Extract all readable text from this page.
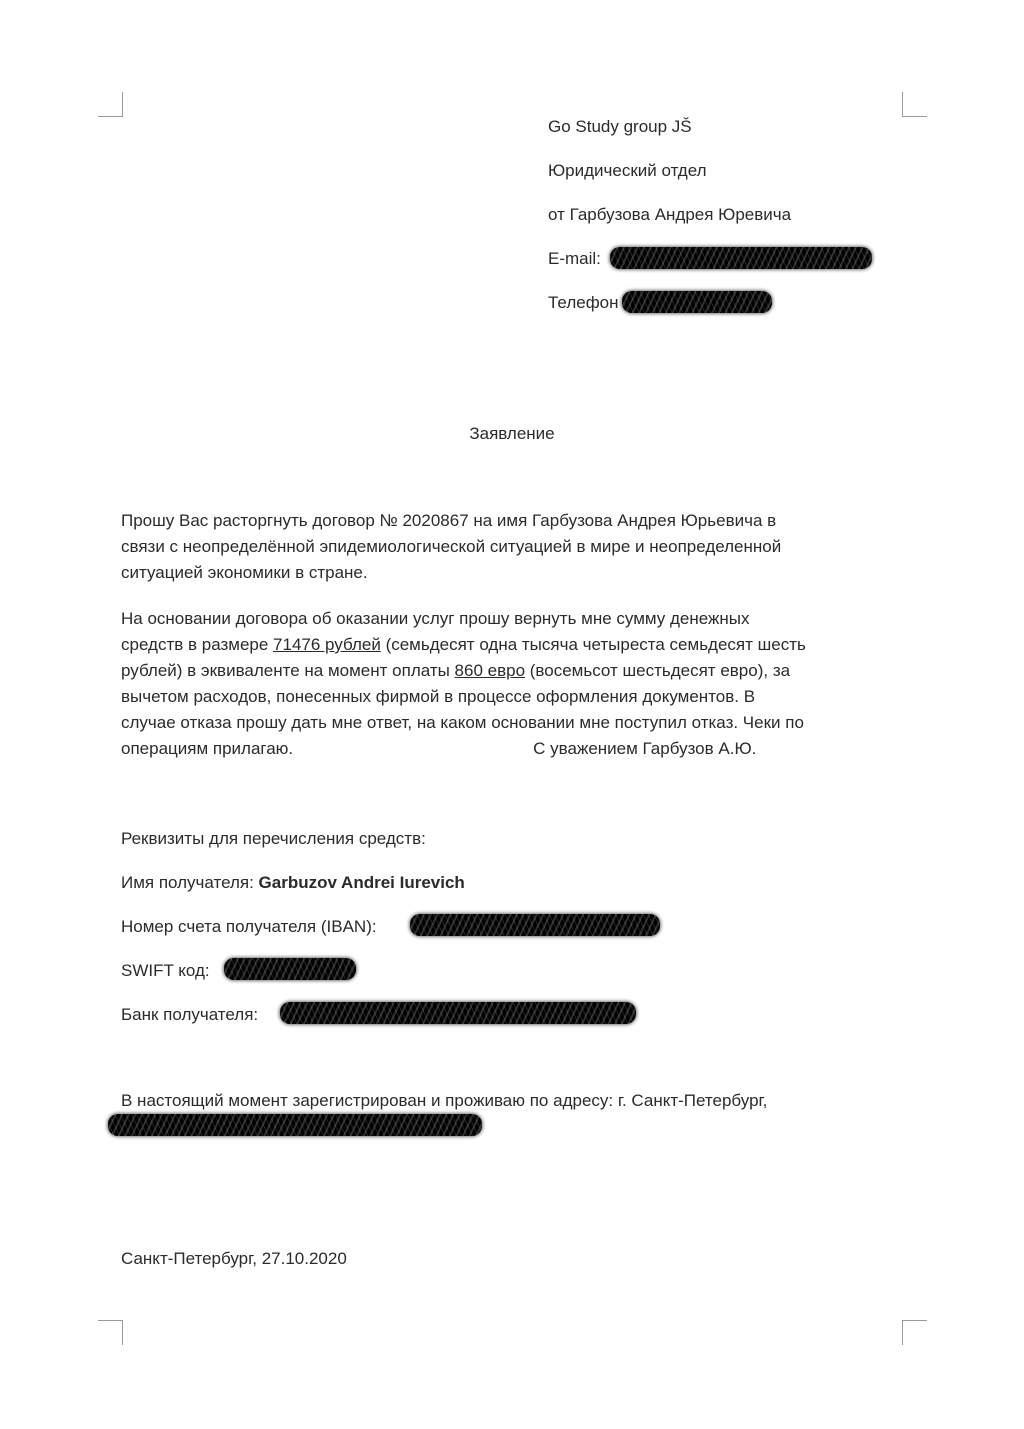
Go Study group JŠ
Юридический отдел
от Гарбузова Андрея Юревича
E-mail:
Телефон
Заявление
Прошу Вас расторгнуть договор № 2020867 на имя Гарбузова Андрея Юрьевича в
связи с неопределённой эпидемиологической ситуацией в мире и неопределенной
ситуацией экономики в стране.
На основании договора об оказании услуг прошу вернуть мне сумму денежных
средств в размере 71476 рублей (семьдесят одна тысяча четыреста семьдесят шесть
рублей) в эквиваленте на момент оплаты 860 евро (восемьсот шестьдесят евро), за
вычетом расходов, понесенных фирмой в процессе оформления документов. В
случае отказа прошу дать мне ответ, на каком основании мне поступил отказ. Чеки по
операциям прилагаю.	С уважением Гарбузов А.Ю.
Реквизиты для перечисления средств:
Имя получателя: Garbuzov Andrei Iurevich
Номер счета получателя (IBAN):
SWIFT код:
Банк получателя:
В настоящий момент зарегистрирован и проживаю по адресу: г. Санкт-Петербург,
Санкт-Петербург, 27.10.2020
